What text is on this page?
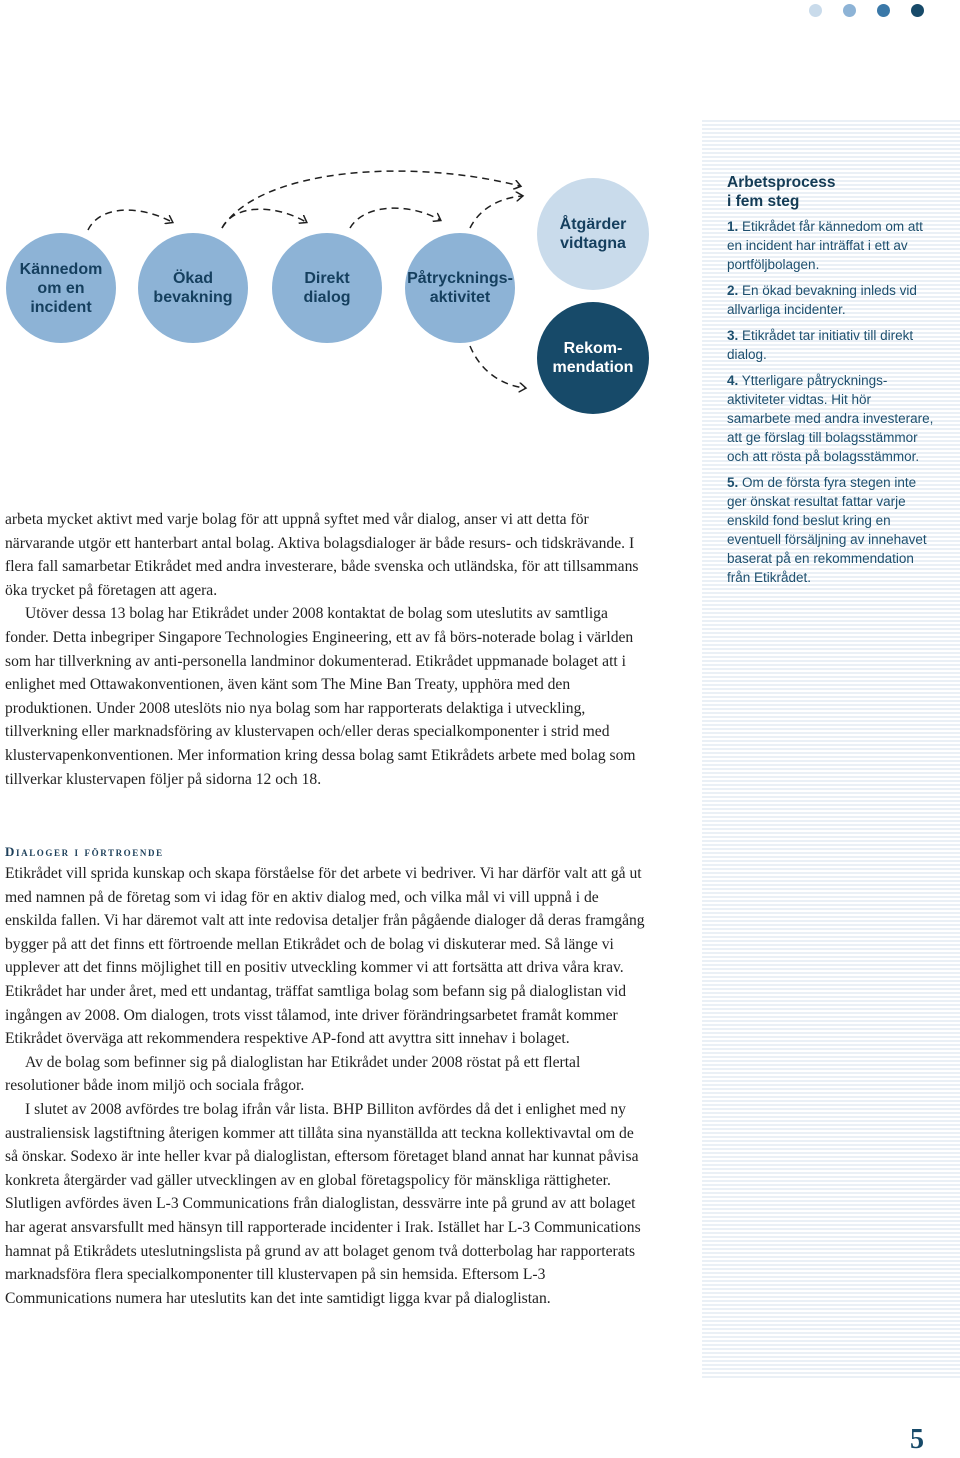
Kännedom
om en
incident
Ökad
bevakning
Direkt
dialog
Påtrycknings-
aktivitet
Åtgärder
vidtagna
Rekom-
mendation
Arbetsprocess
i fem steg

1. Etikrådet får kännedom om att en incident har inträffat i ett av portföljbolagen.

2. En ökad bevakning inleds vid allvarliga incidenter.

3. Etikrådet tar initiativ till direkt dialog.

4. Ytterligare påtrycknings-aktiviteter vidtas. Hit hör samarbete med andra investerare, att ge förslag till bolagsstämmor och att rösta på bolagsstämmor.

5. Om de första fyra stegen inte ger önskat resultat fattar varje enskild fond beslut kring en eventuell försäljning av innehavet baserat på en rekommendation från Etikrådet.

arbeta mycket aktivt med varje bolag för att uppnå syftet med vår dialog, anser vi att detta för närvarande utgör ett hanterbart antal bolag. Aktiva bolagsdialoger är både resurs- och tidskrävande. I flera fall samarbetar Etikrådet med andra investerare, både svenska och utländska, för att tillsammans öka trycket på företagen att agera.

Utöver dessa 13 bolag har Etikrådet under 2008 kontaktat de bolag som uteslutits av samtliga fonder. Detta inbegriper Singapore Technologies Engineering, ett av få börs-noterade bolag i världen som har tillverkning av anti-personella landminor dokumenterad. Etikrådet uppmanade bolaget att i enlighet med Ottawakonventionen, även känt som The Mine Ban Treaty, upphöra med den produktionen. Under 2008 uteslöts nio nya bolag som har rapporterats delaktiga i utveckling, tillverkning eller marknadsföring av klustervapen och/eller deras specialkomponenter i strid med klustervapenkonventionen. Mer information kring dessa bolag samt Etikrådets arbete med bolag som tillverkar klustervapen följer på sidorna 12 och 18.

Dialoger i förtroende

Etikrådet vill sprida kunskap och skapa förståelse för det arbete vi bedriver. Vi har därför valt att gå ut med namnen på de företag som vi idag för en aktiv dialog med, och vilka mål vi vill uppnå i de enskilda fallen. Vi har däremot valt att inte redovisa detaljer från pågående dialoger då deras framgång bygger på att det finns ett förtroende mellan Etikrådet och de bolag vi diskuterar med. Så länge vi upplever att det finns möjlighet till en positiv utveckling kommer vi att fortsätta att driva våra krav. Etikrådet har under året, med ett undantag, träffat samtliga bolag som befann sig på dialoglistan vid ingången av 2008. Om dialogen, trots visst tålamod, inte driver förändringsarbetet framåt kommer Etikrådet överväga att rekommendera respektive AP-fond att avyttra sitt innehav i bolaget.

Av de bolag som befinner sig på dialoglistan har Etikrådet under 2008 röstat på ett flertal resolutioner både inom miljö och sociala frågor.

I slutet av 2008 avfördes tre bolag ifrån vår lista. BHP Billiton avfördes då det i enlighet med ny australiensisk lagstiftning återigen kommer att tillåta sina nyanställda att teckna kollektivavtal om de så önskar. Sodexo är inte heller kvar på dialoglistan, eftersom företaget bland annat har kunnat påvisa konkreta återgärder vad gäller utvecklingen av en global företagspolicy för mänskliga rättigheter. Slutligen avfördes även L-3 Communications från dialoglistan, dessvärre inte på grund av att bolaget har agerat ansvarsfullt med hänsyn till rapporterade incidenter i Irak. Istället har L-3 Communications hamnat på Etikrådets uteslutningslista på grund av att bolaget genom två dotterbolag har rapporterats marknadsföra flera specialkomponenter till klustervapen på sin hemsida. Eftersom L-3 Communications numera har uteslutits kan det inte samtidigt ligga kvar på dialoglistan.

5
